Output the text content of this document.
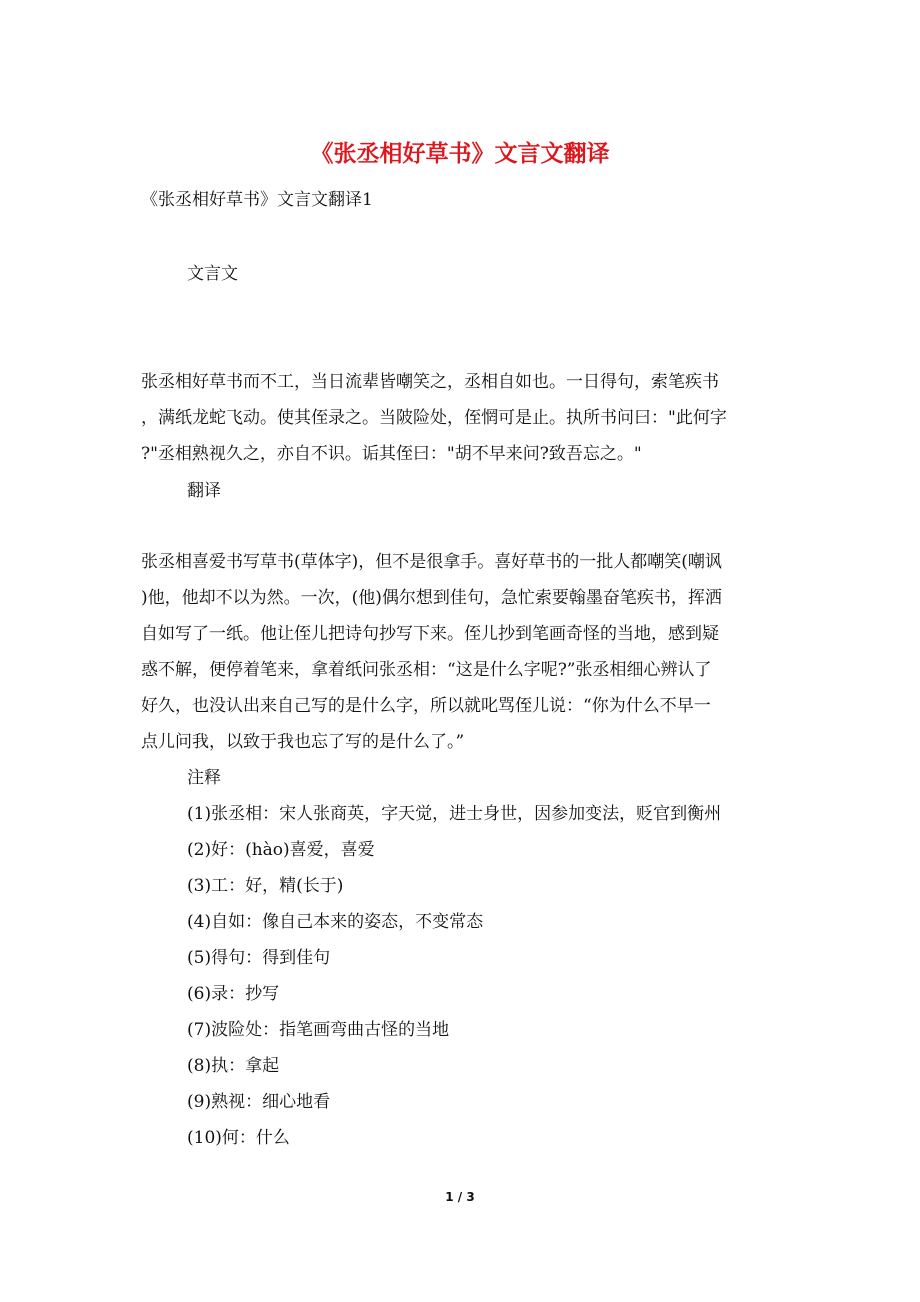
《张丞相好草书》文言文翻译
《张丞相好草书》文言文翻译1
文言文
张丞相好草书而不工，当日流辈皆嘲笑之，丞相自如也。一日得句，索笔疾书
，满纸龙蛇飞动。使其侄录之。当陂险处，侄惘可是止。执所书问曰："此何字
?"丞相熟视久之，亦自不识。诟其侄曰："胡不早来问?致吾忘之。"
翻译
张丞相喜爱书写草书(草体字)，但不是很拿手。喜好草书的一批人都嘲笑(嘲讽
)他，他却不以为然。一次，(他)偶尔想到佳句，急忙索要翰墨奋笔疾书，挥洒
自如写了一纸。他让侄儿把诗句抄写下来。侄儿抄到笔画奇怪的当地，感到疑
惑不解，便停着笔来，拿着纸问张丞相：“这是什么字呢?”张丞相细心辨认了
好久，也没认出来自己写的是什么字，所以就叱骂侄儿说：“你为什么不早一
点儿问我，以致于我也忘了写的是什么了。”
注释
(1)张丞相：宋人张商英，字天觉，进士身世，因参加变法，贬官到衡州
(2)好：(hào)喜爱，喜爱
(3)工：好，精(长于)
(4)自如：像自己本来的姿态，不变常态
(5)得句：得到佳句
(6)录：抄写
(7)波险处：指笔画弯曲古怪的当地
(8)执：拿起
(9)熟视：细心地看
(10)何：什么
1 / 3
